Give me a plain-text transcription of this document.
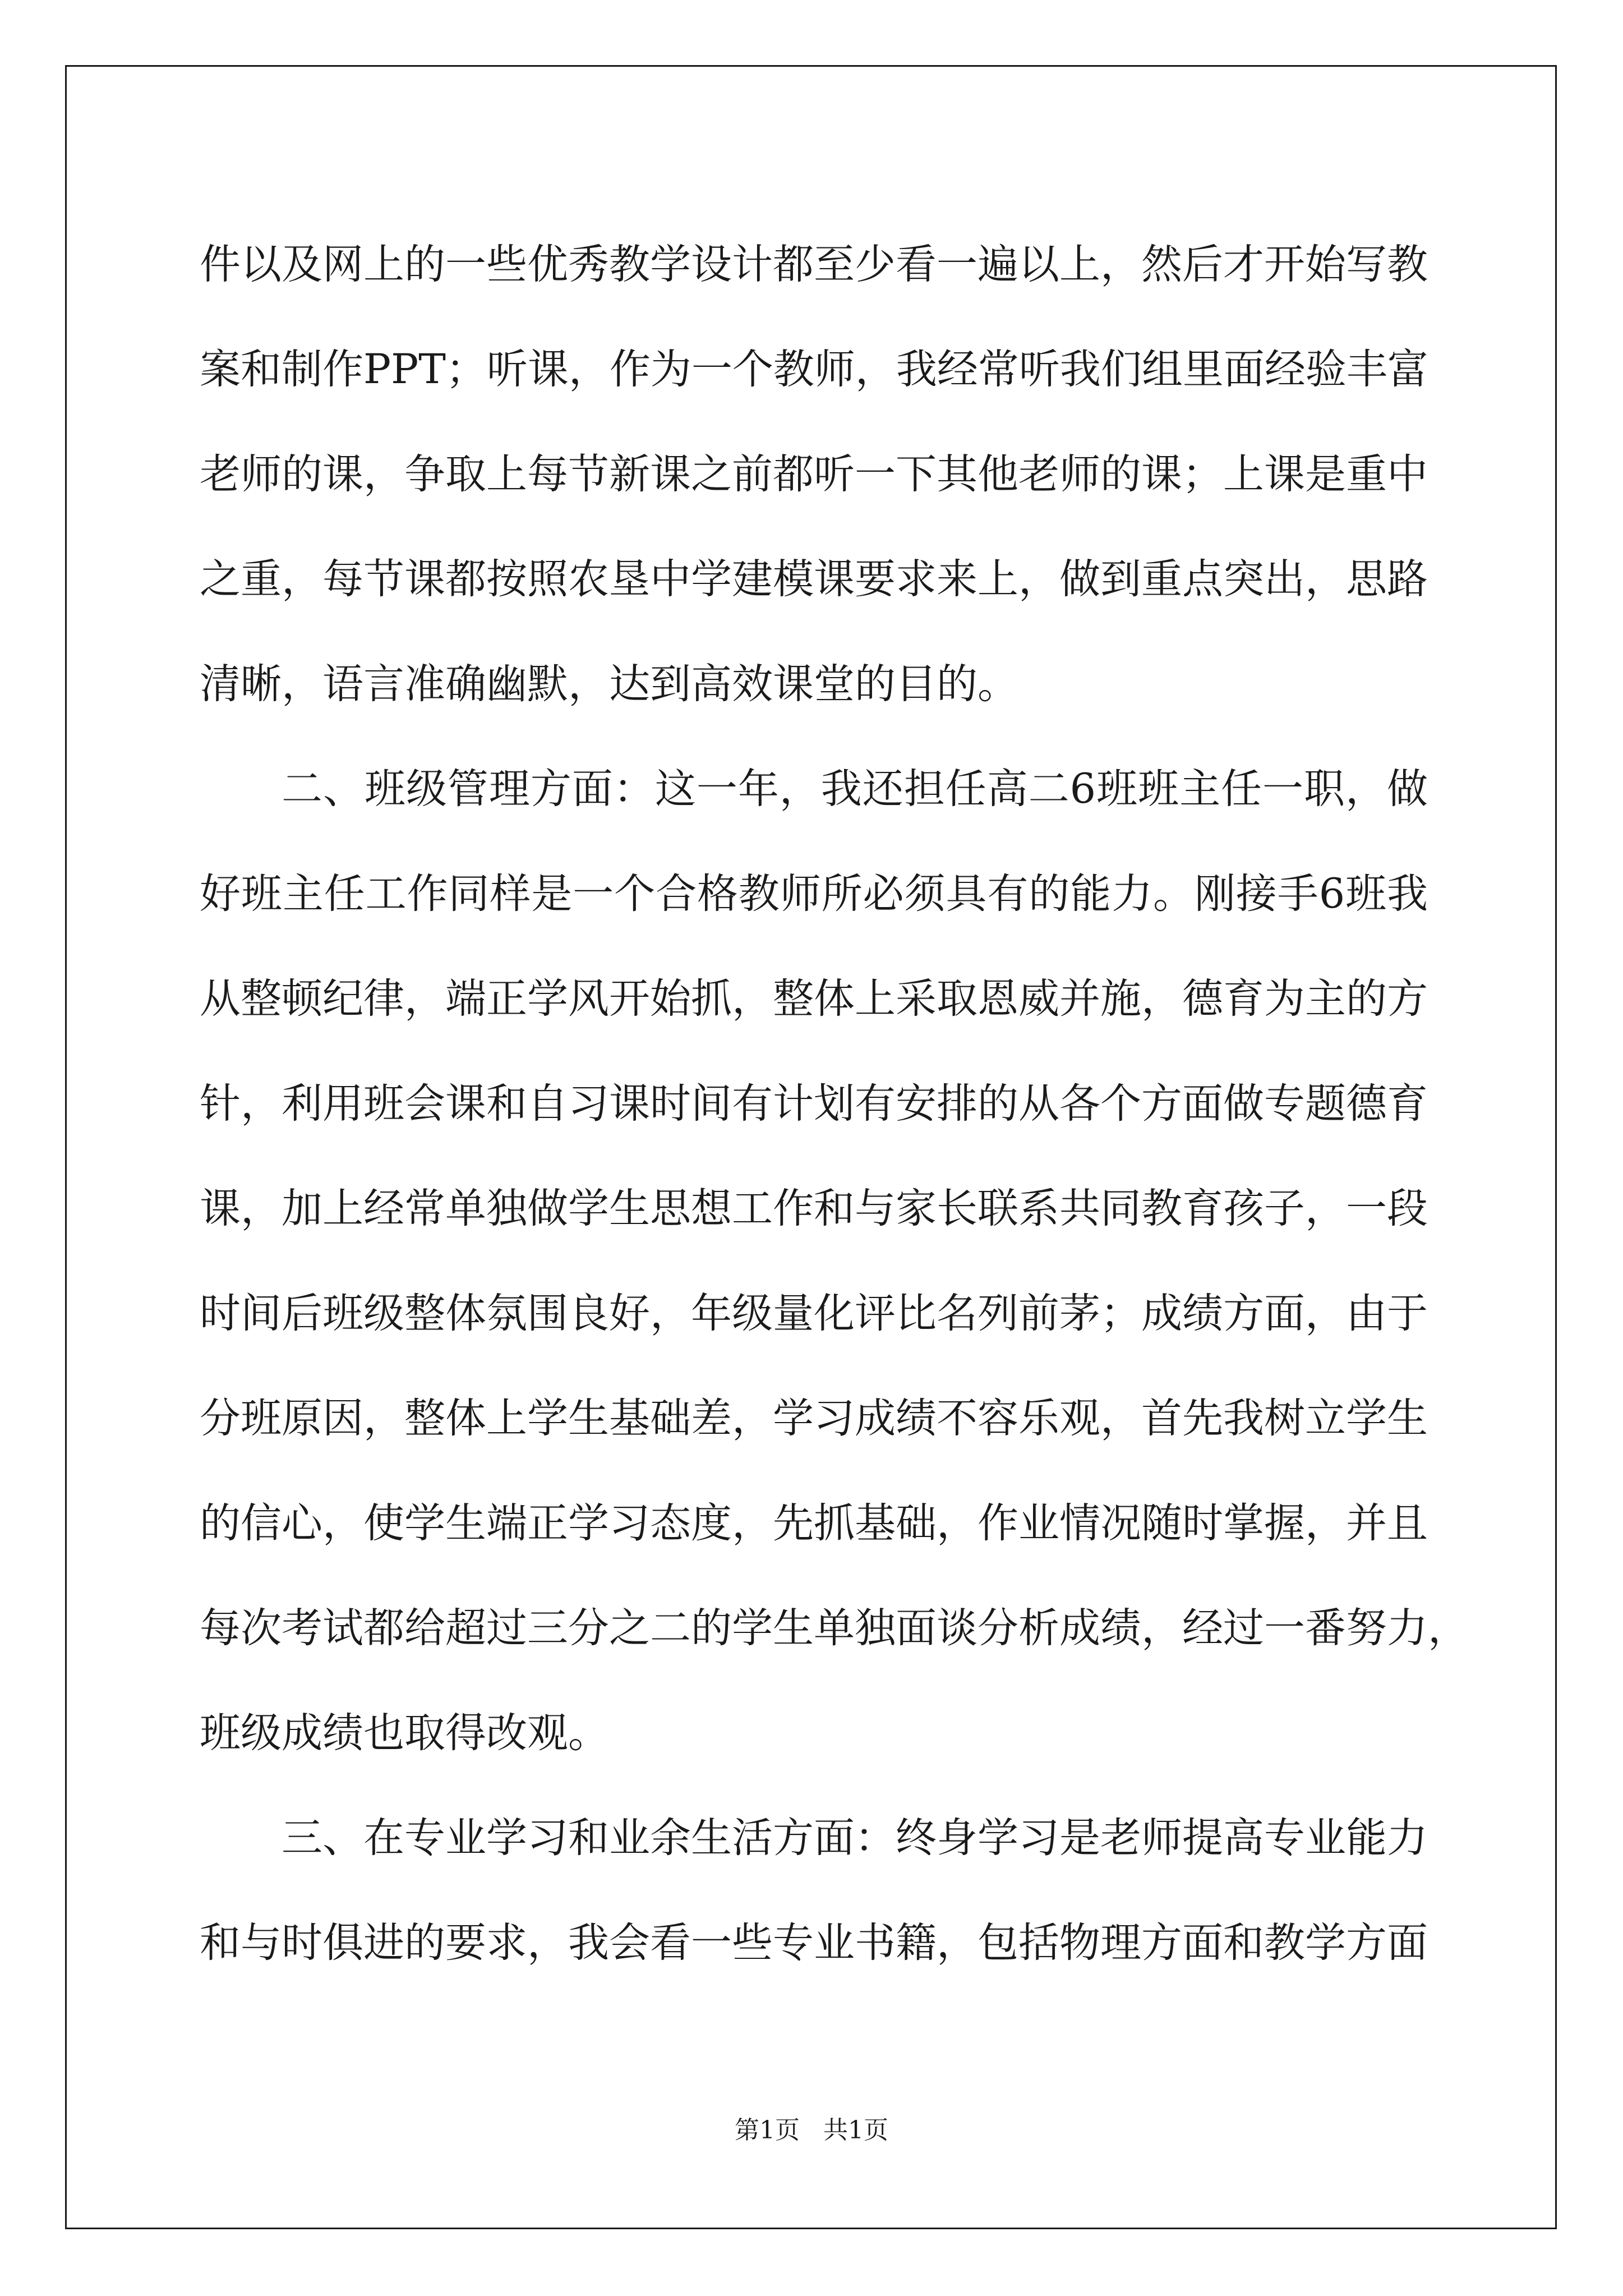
件以及网上的一些优秀教学设计都至少看一遍以上，然后才开始写教
案和制作PPT；听课，作为一个教师，我经常听我们组里面经验丰富
老师的课，争取上每节新课之前都听一下其他老师的课；上课是重中
之重，每节课都按照农垦中学建模课要求来上，做到重点突出，思路
清晰，语言准确幽默，达到高效课堂的目的。
二、班级管理方面：这一年，我还担任高二6班班主任一职，做
好班主任工作同样是一个合格教师所必须具有的能力。刚接手6班我
从整顿纪律，端正学风开始抓，整体上采取恩威并施，德育为主的方
针，利用班会课和自习课时间有计划有安排的从各个方面做专题德育
课，加上经常单独做学生思想工作和与家长联系共同教育孩子，一段
时间后班级整体氛围良好，年级量化评比名列前茅；成绩方面，由于
分班原因，整体上学生基础差，学习成绩不容乐观，首先我树立学生
的信心，使学生端正学习态度，先抓基础，作业情况随时掌握，并且
每次考试都给超过三分之二的学生单独面谈分析成绩，经过一番努力，
班级成绩也取得改观。
三、在专业学习和业余生活方面：终身学习是老师提高专业能力
和与时俱进的要求，我会看一些专业书籍，包括物理方面和教学方面
第1页 共1页
